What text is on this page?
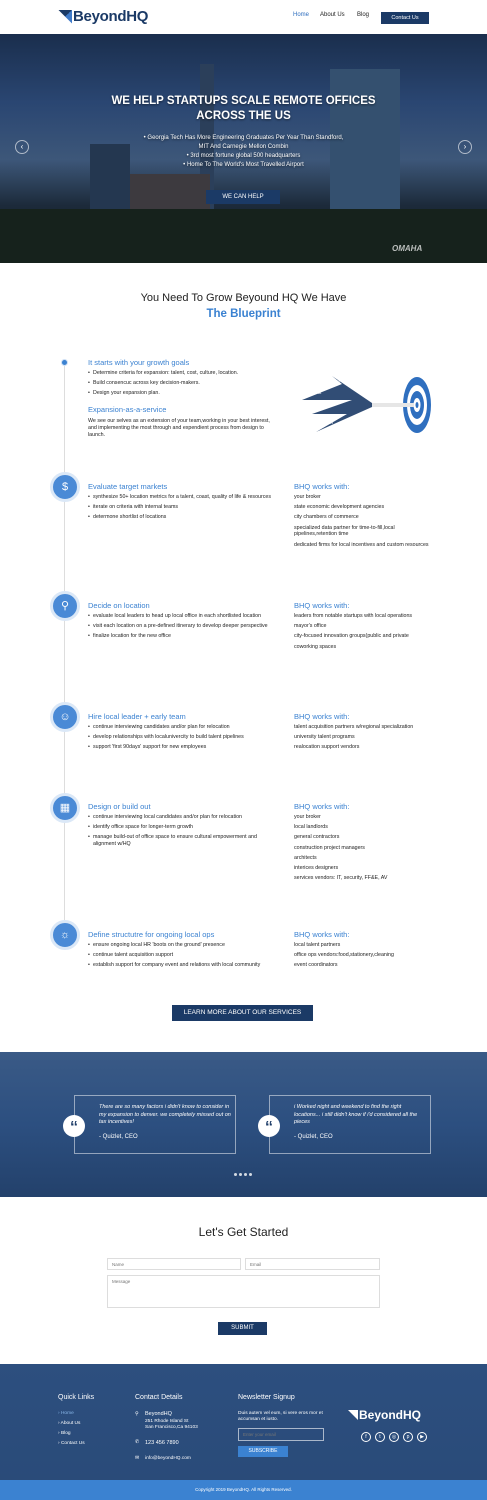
BeyondHQ	Home About Us Blog	Contact Us
WE HELP STARTUPS SCALE REMOTE OFFICES
ACROSS THE US
• Georgia Tech Has More Engineering Graduates Per Year Than Standford,
MIT And Carnegie Mellon Combin
• 3rd most fortune global 500 headquarters
• Home To The World's Most Travelled Airport
WE CAN HELP
‹	›
OMAHA
You Need To Grow Beyound HQ We Have
The Blueprint
It starts with your growth goals
• Determine criteria for expansion: talent, cost, culture, location.
• Build consencuc across key decision-makers.
• Design your expansion plan.
Expansion-as-a-service
We see our selves as an extension of your team,working in your best interest, and implementing the most through and expendient process from design to launch.
Talent
Cost
Culture
Location
$	Evaluate target markets
• synthesize 50+ location metrics for a talent, coast, quality of life & resources
• iterate on criteria with internal teams
• determone shortlist of locations
BHQ works with:
your broker
state economic development agencies
city chambers of commerce
specialized data partner for time-to-fill,local pipelines,retention time
dedicated firms for local incentives and custom resources
⚲	Decide on location
• evaluate local leaders to head up local office in each shortlisted location
• visit each location on a pre-defined itinerary to develop deeper perspective
• finalize location for the new office
BHQ works with:
leaders from notable startups with local operations
mayor's office
city-focused innovation groups(public and private
coworking spaces
☺	Hire local leader + early team
• continue interviewing candidates and/or plan for relocation
• develop relationships with localunivercity to build talent pipelines
• support 'first 90days' support for new employees
BHQ works with:
talent acquisition partners w/regional specialization
university talent programs
realocation support vendors
▦	Design or build out
• continue interviewing local candidates and/or plan for relocation
• identify office space for longer-term growth
• manage build-out of office space to ensure cultural empowerment and alignment w/HQ
BHQ works with:
your broker
local landlords
general contractors
construction project managers
architects
interices designers
services vendors: IT, security, FF&E, AV
☼	Define structutre for ongoing local ops
• ensure ongoing local HR 'boots on the ground' presence
• continue talent acquisition support
• establish support for company event and relations with local community
BHQ works with:
local talent partners
office ops vendors:food,stationery,cleaning
event coordinators
LEARN MORE ABOUT OUR SERVICES
“
There are so many factors i didn't know to consider in my expansion to denver. we completely missed out on tax incentives!
- Quizlet, CEO
“
i Worked night and weekend to find the right locations... i still didn't know if i'd considered all the pieces
- Quizlet, CEO
Let's Get Started
Name
Email
Message
SUBMIT
Quick Links
› Home
› About Us
› Blog
› Contact Us
Contact Details
⚲ BeyondHQ
251 Rhode Island St
San Francisco,Ca 94103
✆ 123 456 7890
✉ info@beyondHQ.com
Newsletter Signup
Duis autem vel eum, si vere eros mor et accumsan et iusto.
Enter your email
SUBSCRIBE
BeyondHQ
f	t	◎	p	▶
Copyright 2019 BeyondHQ. All Rights Reserved.
